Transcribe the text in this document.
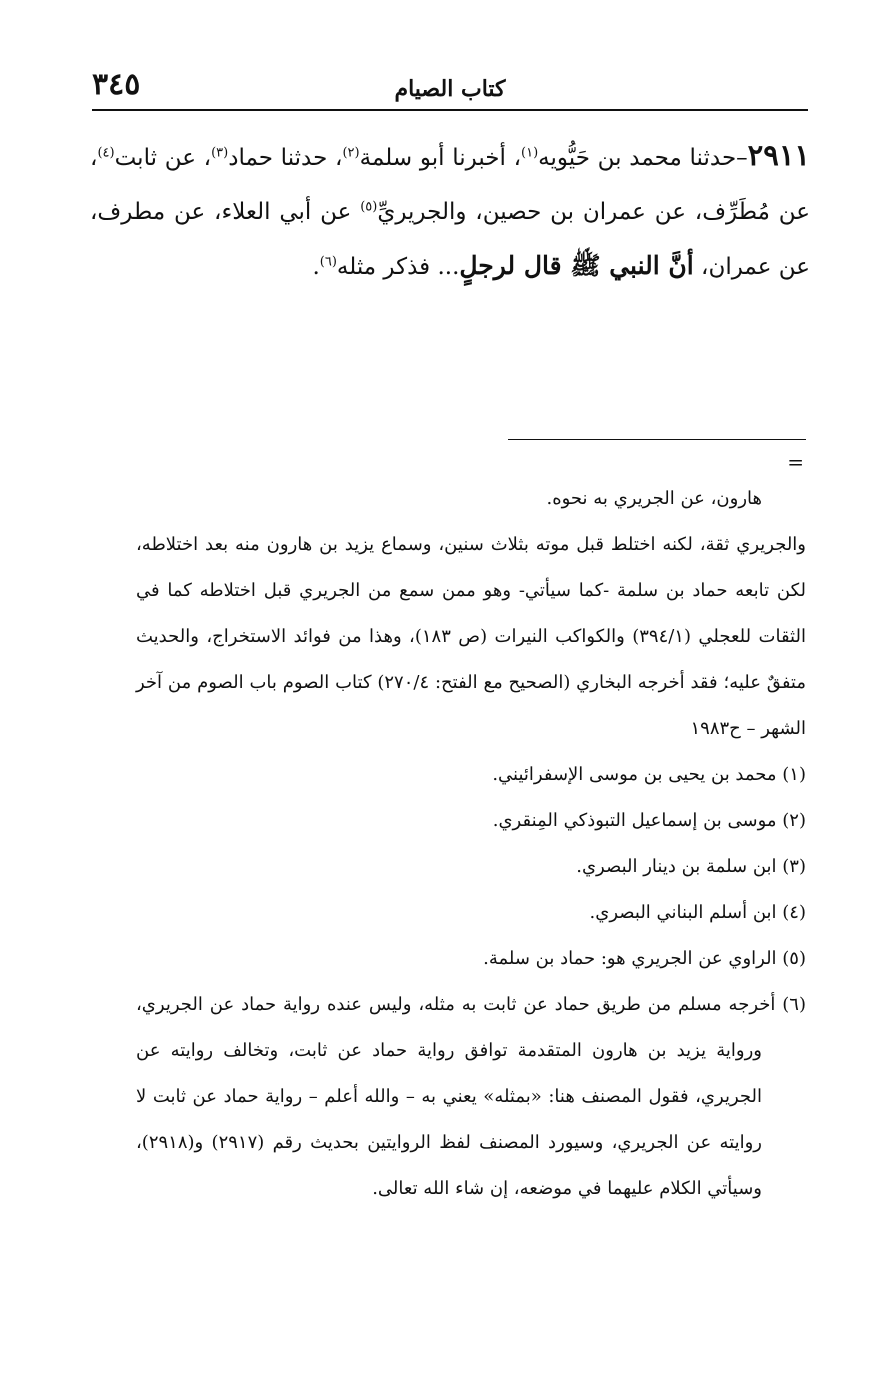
٣٤٥	كتاب الصيام
٢٩١١–حدثنا محمد بن حَيُّويه$^{(١)}$، أخبرنا أبو سلمة$^{(٢)}$، حدثنا حماد$^{(٣)}$، عن ثابت$^{(٤)}$، عن مُطَرِّف، عن عمران بن حصين، والجريريِّ$^{(٥)}$ عن أبي العلاء، عن مطرف، عن عمران، أنَّ النبي ﷺ قال لرجلٍ... فذكر مثله$^{(٦)}$.
=

هارون، عن الجريري به نحوه.

والجريري ثقة، لكنه اختلط قبل موته بثلاث سنين، وسماع يزيد بن هارون منه بعد اختلاطه، لكن تابعه حماد بن سلمة -كما سيأتي- وهو ممن سمع من الجريري قبل اختلاطه كما في الثقات للعجلي (٣٩٤/١) والكواكب النيرات (ص ١٨٣)، وهذا من فوائد الاستخراج، والحديث متفقٌ عليه؛ فقد أخرجه البخاري (الصحيح مع الفتح: ٢٧٠/٤) كتاب الصوم باب الصوم من آخر الشهر – ح١٩٨٣

(١) محمد بن يحيى بن موسى الإسفرائيني.

(٢) موسى بن إسماعيل التبوذكي المِنقري.

(٣) ابن سلمة بن دينار البصري.

(٤) ابن أسلم البناني البصري.

(٥) الراوي عن الجريري هو: حماد بن سلمة.

(٦) أخرجه مسلم من طريق حماد عن ثابت به مثله، وليس عنده رواية حماد عن الجريري، ورواية يزيد بن هارون المتقدمة توافق رواية حماد عن ثابت، وتخالف روايته عن الجريري، فقول المصنف هنا: «بمثله» يعني به – والله أعلم – رواية حماد عن ثابت لا روايته عن الجريري، وسيورد المصنف لفظ الروايتين بحديث رقم (٢٩١٧) و(٢٩١٨)، وسيأتي الكلام عليهما في موضعه، إن شاء الله تعالى.
